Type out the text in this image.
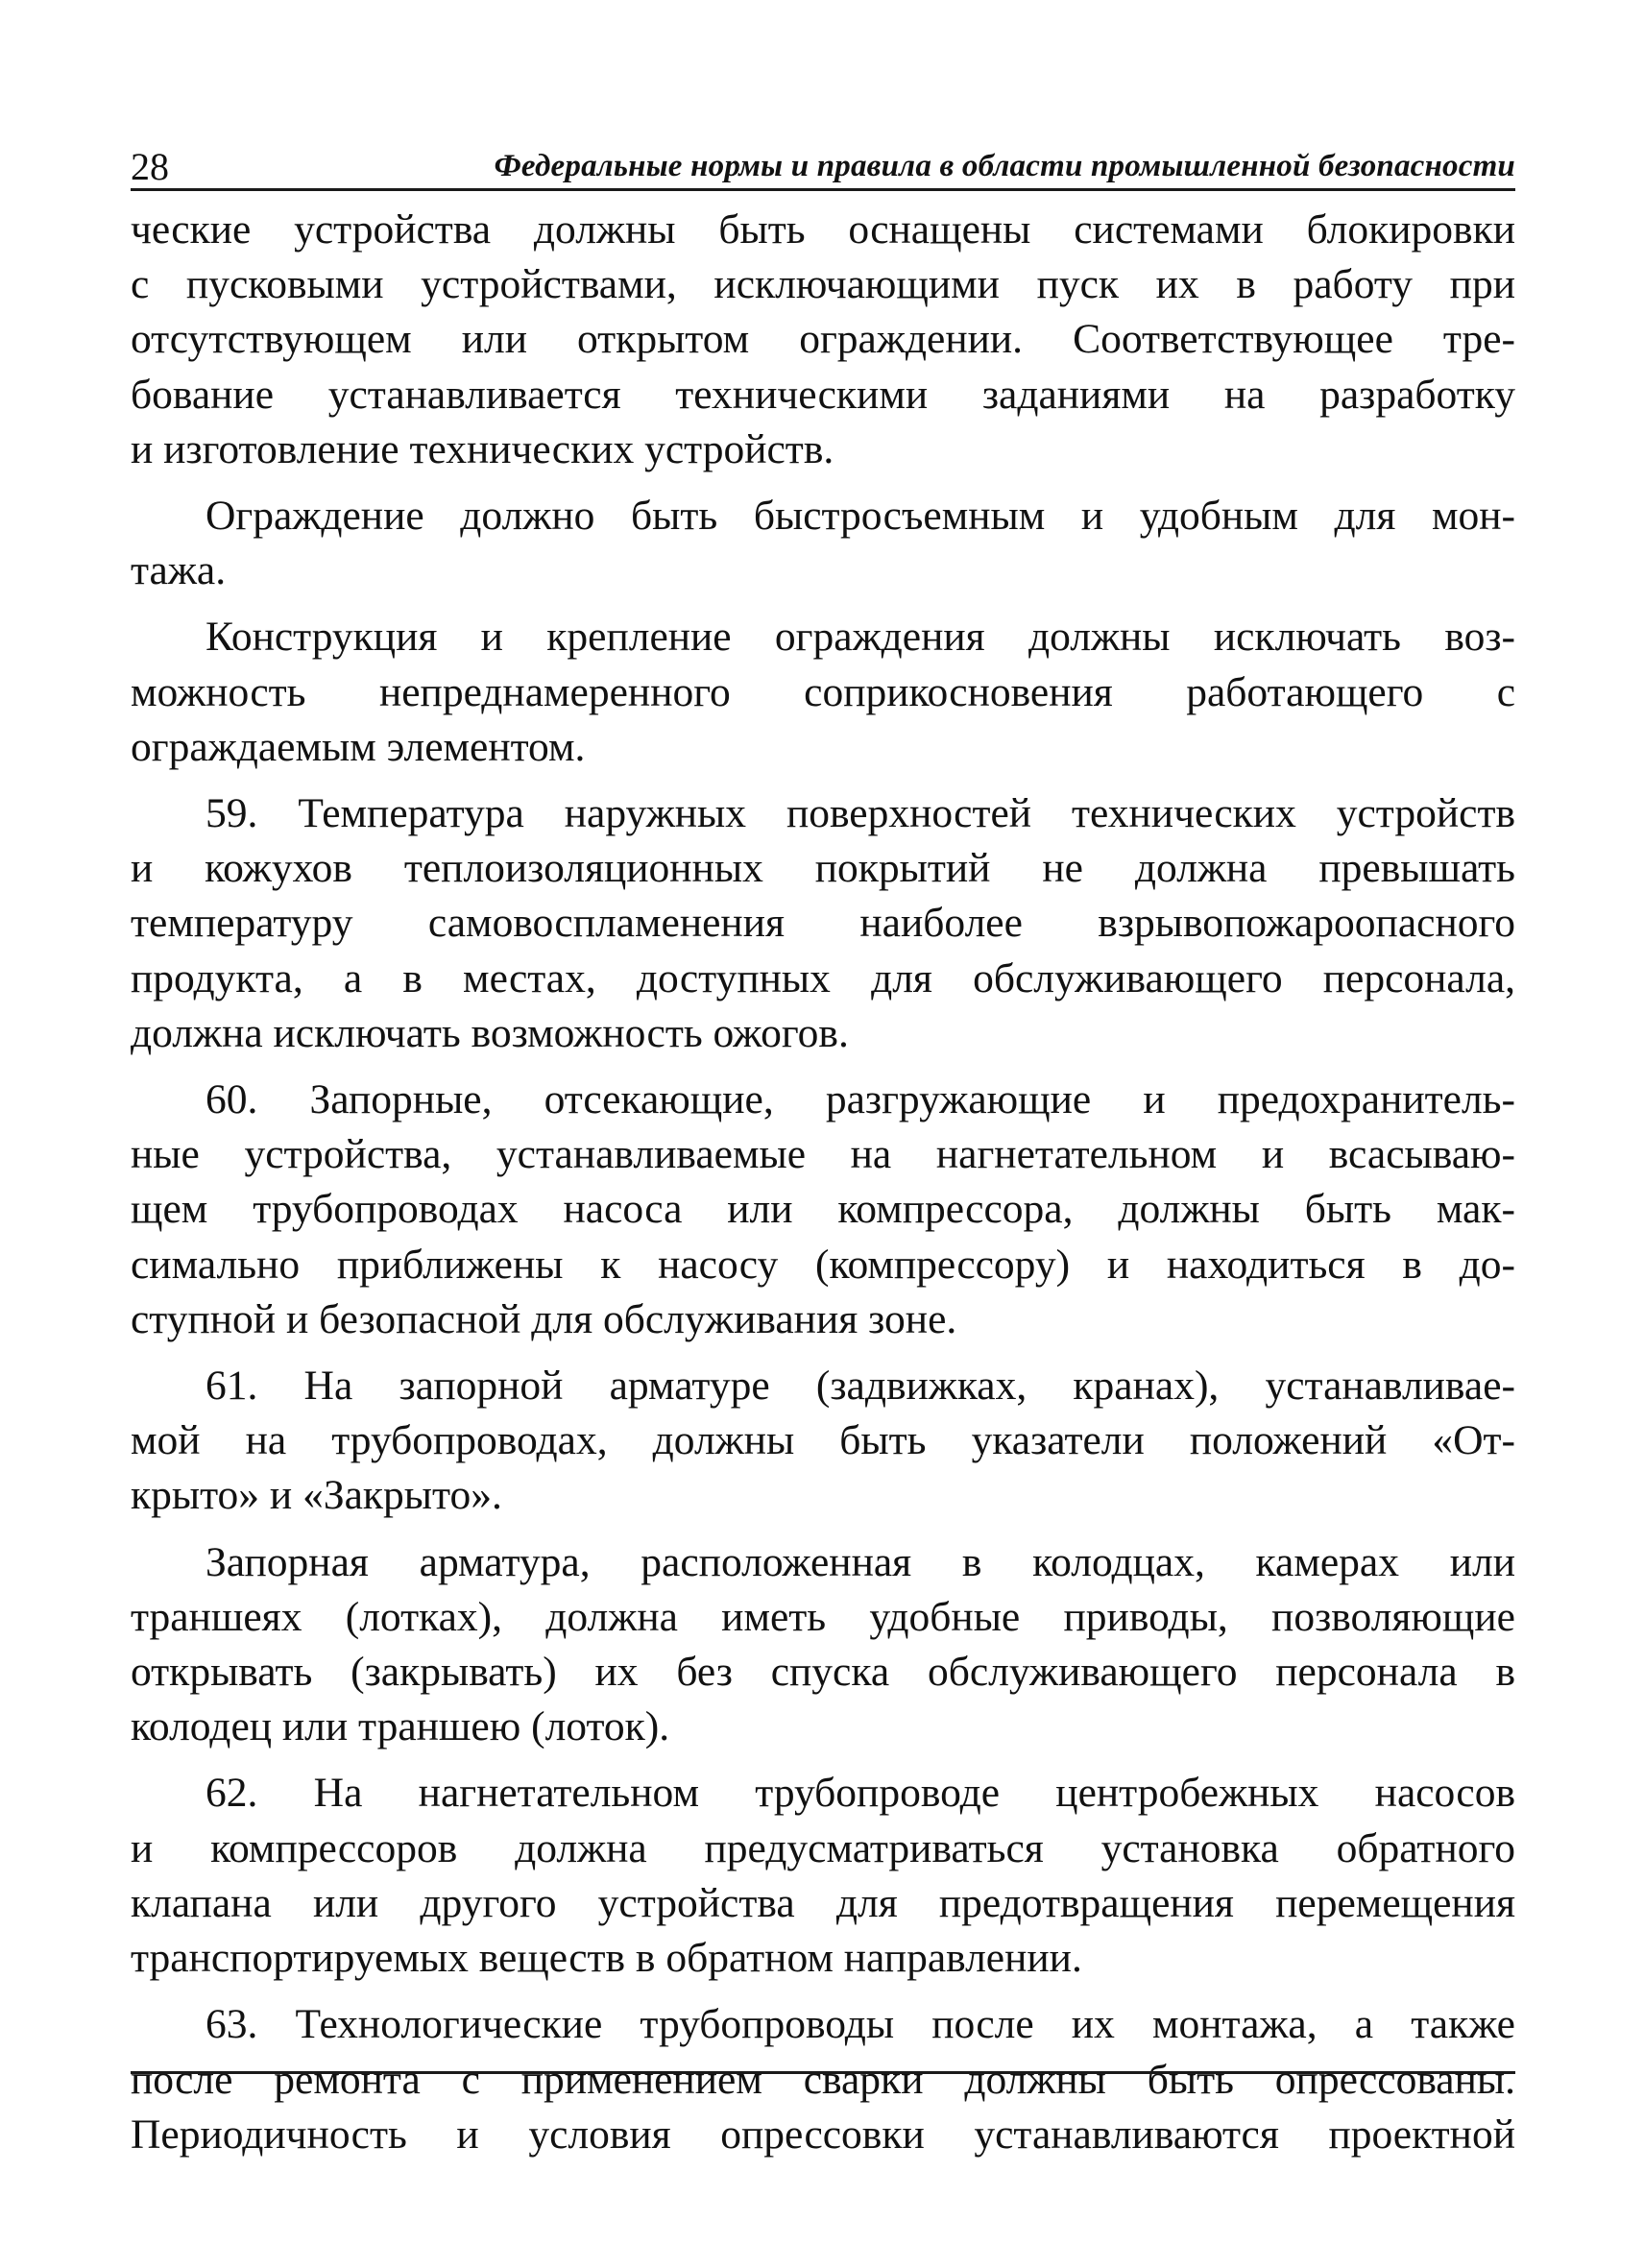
28	Федеральные нормы и правила в области промышленной безопасности
ческие устройства должны быть оснащены системами блокировки
с пусковыми устройствами, исключающими пуск их в работу при
отсутствующем или открытом ограждении. Соответствующее тре-
бование устанавливается техническими заданиями на разработку
и изготовление технических устройств.
Ограждение должно быть быстросъемным и удобным для мон-
тажа.
Конструкция и крепление ограждения должны исключать воз-
можность непреднамеренного соприкосновения работающего с
ограждаемым элементом.
59. Температура наружных поверхностей технических устройств
и кожухов теплоизоляционных покрытий не должна превышать
температуру самовоспламенения наиболее взрывопожароопасного
продукта, а в местах, доступных для обслуживающего персонала,
должна исключать возможность ожогов.
60. Запорные, отсекающие, разгружающие и предохранитель-
ные устройства, устанавливаемые на нагнетательном и всасываю-
щем трубопроводах насоса или компрессора, должны быть мак-
симально приближены к насосу (компрессору) и находиться в до-
ступной и безопасной для обслуживания зоне.
61. На запорной арматуре (задвижках, кранах), устанавливае-
мой на трубопроводах, должны быть указатели положений «От-
крыто» и «Закрыто».
Запорная арматура, расположенная в колодцах, камерах или
траншеях (лотках), должна иметь удобные приводы, позволяющие
открывать (закрывать) их без спуска обслуживающего персонала в
колодец или траншею (лоток).
62. На нагнетательном трубопроводе центробежных насосов
и компрессоров должна предусматриваться установка обратного
клапана или другого устройства для предотвращения перемещения
транспортируемых веществ в обратном направлении.
63. Технологические трубопроводы после их монтажа, а также
после ремонта с применением сварки должны быть опрессованы.
Периодичность и условия опрессовки устанавливаются проектной
